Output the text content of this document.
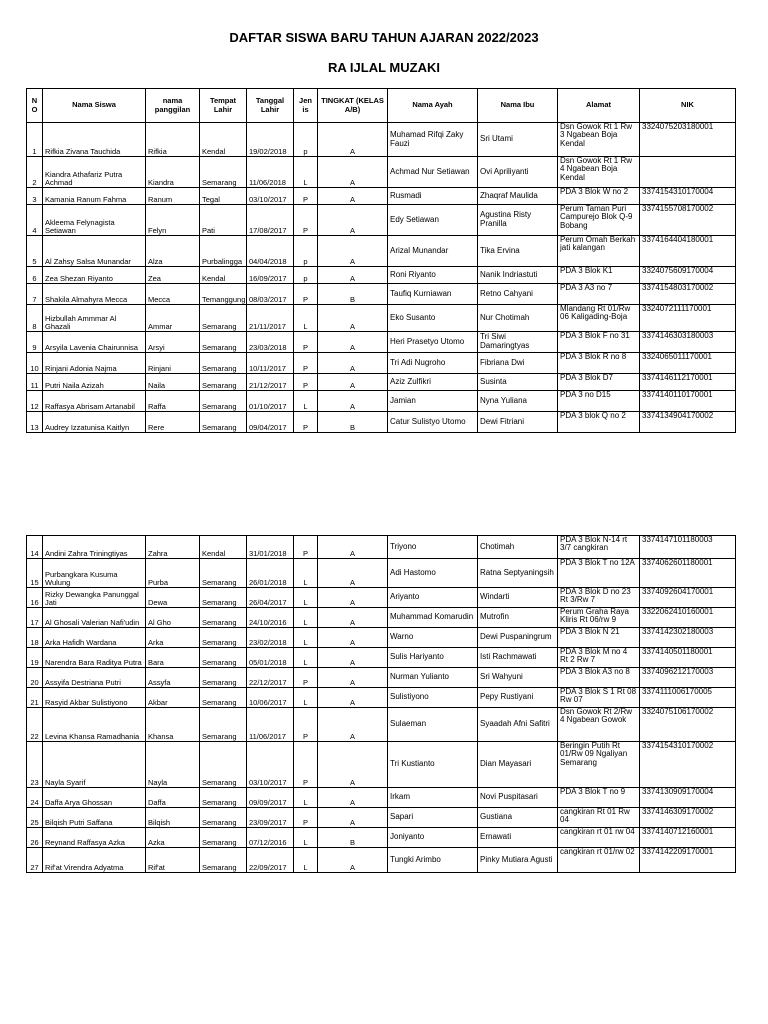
DAFTAR SISWA BARU TAHUN AJARAN 2022/2023
RA IJLAL MUZAKI
N
O	Nama Siswa	nama panggilan	Tempat Lahir	Tanggal Lahir	Jen is	TINGKAT (KELAS A/B)	Nama Ayah	Nama Ibu	Alamat	NIK
1	Rifkia Zivana Tauchida	Rifkia	Kendal	19/02/2018	p	A	Muhamad Rifqi Zaky Fauzi	Sri Utami	Dsn Gowok Rt 1 Rw 3 Ngabean Boja Kendal	3324075203180001
2	Kiandra Athafariz Putra Achmad	Kiandra	Semarang	11/06/2018	L	A	Achmad Nur Setiawan	Ovi Apriliyanti	Dsn Gowok Rt 1 Rw 4 Ngabean Boja Kendal	
3	Kamania Ranum Fahma	Ranum	Tegal	03/10/2017	P	A	Rusmadi	Zhaqraf Maulida	PDA 3 Blok W no 2	3374154310170004
4	Akleema Felynagista Setiawan	Felyn	Pati	17/08/2017	P	A	Edy Setiawan	Agustina Risty Pranilla	Perum Taman Puri Campurejo Blok Q-9 Bobang	3374155708170002
5	Al Zahsy Salsa Munandar	Alza	Purbalingga	04/04/2018	p	A	Arizal Munandar	Tika Ervina	Perum Omah Berkah jati kalangan	3374164404180001
6	Zea Shezan Riyanto	Zea	Kendal	16/09/2017	p	A	Roni Riyanto	Nanik Indriastuti	PDA 3 Blok K1	3324075609170004
7	Shakila Almahyra Mecca	Mecca	Temanggung	08/03/2017	P	B	Taufiq Kurniawan	Retno Cahyani	PDA 3 A3 no 7	3374154803170002
8	Hizbullah Ammmar Al Ghazali	Ammar	Semarang	21/11/2017	L	A	Eko Susanto	Nur Chotimah	Mlandang Rt 01/Rw 06 Kaligading-Boja	3324072111170001
9	Arsyila Lavenia Chairunnisa	Arsyi	Semarang	23/03/2018	P	A	Heri Prasetyo Utomo	Tri Siwi Damaringtyas	PDA 3 Blok F no 31	3374146303180003
10	Rinjani Adonia Najma	Rinjani	Semarang	10/11/2017	P	A	Tri Adi Nugroho	Fibriana Dwi	PDA 3 Blok R no 8	3324065011170001
11	Putri Naila Azizah	Naila	Semarang	21/12/2017	P	A	Aziz Zulfikri	Susinta	PDA 3 Blok D7	3374146112170001
12	Raffasya Abrisam Artanabil	Raffa	Semarang	01/10/2017	L	A	Jamian	Nyna Yuliana	PDA 3 no D15	3374140110170001
13	Audrey Izzatunisa Kaitlyn	Rere	Semarang	09/04/2017	P	B	Catur Sulistyo Utomo	Dewi Fitriani	PDA 3 blok Q no 2	3374134904170002
14	Andini Zahra Triningtiyas	Zahra	Kendal	31/01/2018	P	A	Triyono	Chotimah	PDA 3 Blok N-14 rt 3/7 cangkiran	3374147101180003
15	Purbangkara Kusuma Wulung	Purba	Semarang	26/01/2018	L	A	Adi Hastomo	Ratna Septyaningsih	PDA 3 Blok T no 12A	3374062601180001
16	Rizky Dewangka Panunggal Jati	Dewa	Semarang	26/04/2017	L	A	Ariyanto	Windarti	PDA 3 Blok D no 23 Rt 3/Rw 7	3374092604170001
17	Al Ghosali Valerian Nafi'udin	Al Gho	Semarang	24/10/2016	L	A	Muhammad Komarudin	Mutrofin	Perum Graha Raya Kliris Rt 06/rw 9	3322062410160001
18	Arka Hafidh Wardana	Arka	Semarang	23/02/2018	L	A	Warno	Dewi Puspaningrum	PDA 3 Blok N 21	3374142302180003
19	Narendra Bara Raditya Putra	Bara	Semarang	05/01/2018	L	A	Sulis Hariyanto	Isti Rachmawati	PDA 3 Blok M no 4 Rt 2 Rw 7	3374140501180001
20	Assyifa Destriana Putri	Assyfa	Semarang	22/12/2017	P	A	Nurman Yulianto	Sri Wahyuni	PDA 3 Blok A3 no 8	3374096212170003
21	Rasyid Akbar Sulistiyono	Akbar	Semarang	10/06/2017	L	A	Sulistiyono	Pepy Rustiyani	PDA 3 Blok S 1 Rt 08 Rw 07	3374111006170005
22	Levina Khansa Ramadhania	Khansa	Semarang	11/06/2017	P	A	Sulaeman	Syaadah Afni Safitri	Dsn Gowok Rt 2/Rw 4 Ngabean Gowok	3324075106170002
23	Nayla Syarif	Nayla	Semarang	03/10/2017	P	A	Tri Kustianto	Dian Mayasari	Beringin Putih Rt 01/Rw 09 Ngaliyan Semarang	3374154310170002
24	Daffa Arya Ghossan	Daffa	Semarang	09/09/2017	L	A	Irkam	Novi Puspitasari	PDA 3 Blok T no 9	3374130909170004
25	Bilqish Putri Saffana	Bilqish	Semarang	23/09/2017	P	A	Sapari	Gustiana	cangkiran Rt 01 Rw 04	3374146309170002
26	Reynand Raffasya Azka	Azka	Semarang	07/12/2016	L	B	Joniyanto	Ernawati	cangkiran rt 01 rw 04	3374140712160001
27	Rif'at Virendra Adyatma	Rif'at	Semarang	22/09/2017	L	A	Tungki Arimbo	Pinky Mutiara Agusti	cangkiran rt 01/rw 02	3374142209170001
